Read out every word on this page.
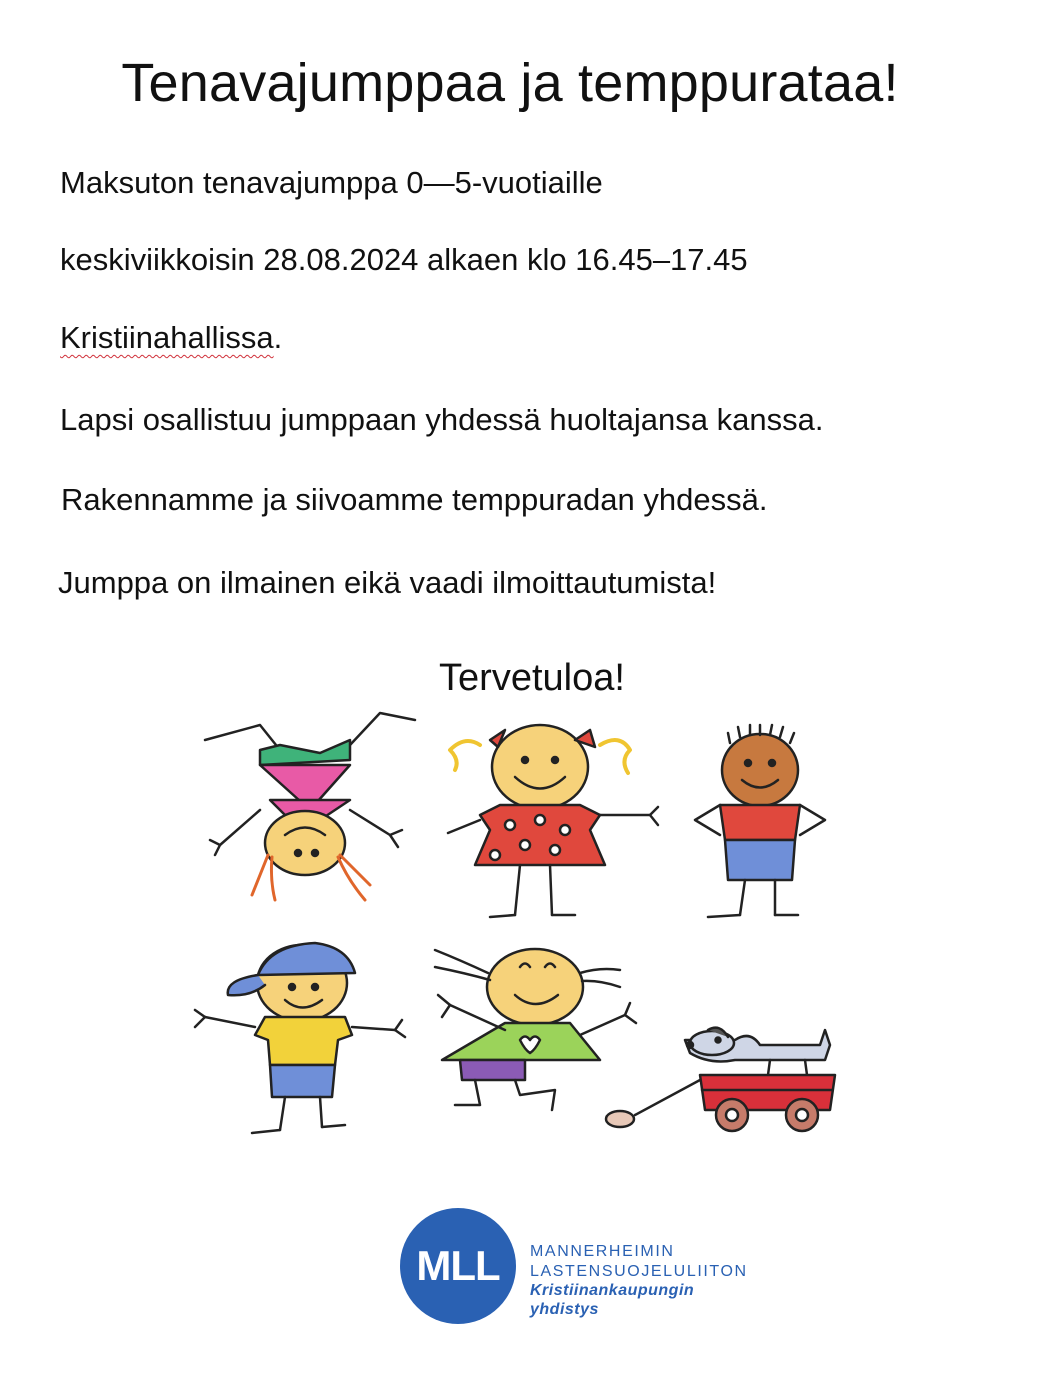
Tenavajumppaa ja temppurataa!

Maksuton tenavajumppa 0—5-vuotiaille

keskiviikkoisin 28.08.2024 alkaen klo 16.45–17.45

Kristiinahallissa.

Lapsi osallistuu jumppaan yhdessä huoltajansa kanssa.

Rakennamme ja siivoamme temppuradan yhdessä.

Jumppa on ilmainen eikä vaadi ilmoittautumista!

Tervetuloa!

MLL	MANNERHEIMIN

LASTENSUOJELULIITON

Kristiinankaupungin

yhdistys
